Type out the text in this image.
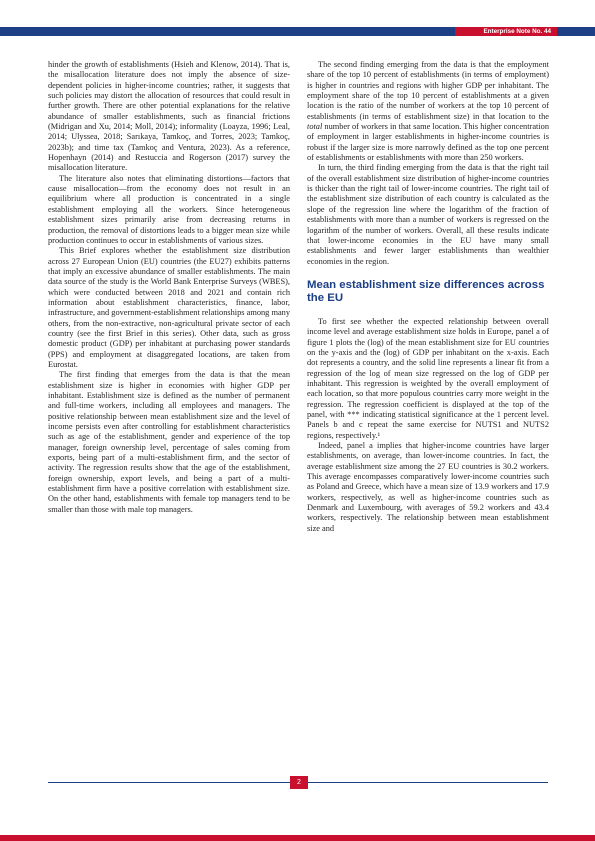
Enterprise Note No. 44

hinder the growth of establishments (Hsieh and Klenow, 2014). That is, the misallocation literature does not imply the absence of size-dependent policies in higher-income countries; rather, it suggests that such policies may distort the allocation of resources that could result in further growth. There are other potential explanations for the relative abundance of smaller establishments, such as financial frictions (Midrigan and Xu, 2014; Moll, 2014); informality (Loayza, 1996; Leal, 2014; Ulyssea, 2018; Sarıkaya, Tamkoç, and Torres, 2023; Tamkoç, 2023b); and time tax (Tamkoç and Ventura, 2023). As a reference, Hopenhayn (2014) and Restuccia and Rogerson (2017) survey the misallocation literature.

The literature also notes that eliminating distortions—factors that cause misallocation—from the economy does not result in an equilibrium where all production is concentrated in a single establishment employing all the workers. Since heterogeneous establishment sizes primarily arise from decreasing returns in production, the removal of distortions leads to a bigger mean size while production continues to occur in establishments of various sizes.

This Brief explores whether the establishment size distribution across 27 European Union (EU) countries (the EU27) exhibits patterns that imply an excessive abundance of smaller establishments. The main data source of the study is the World Bank Enterprise Surveys (WBES), which were conducted between 2018 and 2021 and contain rich information about establishment characteristics, finance, labor, infrastructure, and government-establishment relationships among many others, from the non-extractive, non-agricultural private sector of each country (see the first Brief in this series). Other data, such as gross domestic product (GDP) per inhabitant at purchasing power standards (PPS) and employment at disaggregated locations, are taken from Eurostat.

The first finding that emerges from the data is that the mean establishment size is higher in economies with higher GDP per inhabitant. Establishment size is defined as the number of permanent and full-time workers, including all employees and managers. The positive relationship between mean establishment size and the level of income persists even after controlling for establishment characteristics such as age of the establishment, gender and experience of the top manager, foreign ownership level, percentage of sales coming from exports, being part of a multi-establishment firm, and the sector of activity. The regression results show that the age of the establishment, foreign ownership, export levels, and being a part of a multi-establishment firm have a positive correlation with establishment size. On the other hand, establishments with female top managers tend to be smaller than those with male top managers.

The second finding emerging from the data is that the employment share of the top 10 percent of establishments (in terms of employment) is higher in countries and regions with higher GDP per inhabitant. The employment share of the top 10 percent of establishments at a given location is the ratio of the number of workers at the top 10 percent of establishments (in terms of establishment size) in that location to the total number of workers in that same location. This higher concentration of employment in larger establishments in higher-income countries is robust if the larger size is more narrowly defined as the top one percent of establishments or establishments with more than 250 workers.

In turn, the third finding emerging from the data is that the right tail of the overall establishment size distribution of higher-income countries is thicker than the right tail of lower-income countries. The right tail of the establishment size distribution of each country is calculated as the slope of the regression line where the logarithm of the fraction of establishments with more than a number of workers is regressed on the logarithm of the number of workers. Overall, all these results indicate that lower-income economies in the EU have many small establishments and fewer larger establishments than wealthier economies in the region.

Mean establishment size differences across the EU

To first see whether the expected relationship between overall income level and average establishment size holds in Europe, panel a of figure 1 plots the (log) of the mean establishment size for EU countries on the y-axis and the (log) of GDP per inhabitant on the x-axis. Each dot represents a country, and the solid line represents a linear fit from a regression of the log of mean size regressed on the log of GDP per inhabitant. This regression is weighted by the overall employment of each location, so that more populous countries carry more weight in the regression. The regression coefficient is displayed at the top of the panel, with *** indicating statistical significance at the 1 percent level. Panels b and c repeat the same exercise for NUTS1 and NUTS2 regions, respectively.¹

Indeed, panel a implies that higher-income countries have larger establishments, on average, than lower-income countries. In fact, the average establishment size among the 27 EU countries is 30.2 workers. This average encompasses comparatively lower-income countries such as Poland and Greece, which have a mean size of 13.9 workers and 17.9 workers, respectively, as well as higher-income countries such as Denmark and Luxembourg, with averages of 59.2 workers and 43.4 workers, respectively. The relationship between mean establishment size and

2
